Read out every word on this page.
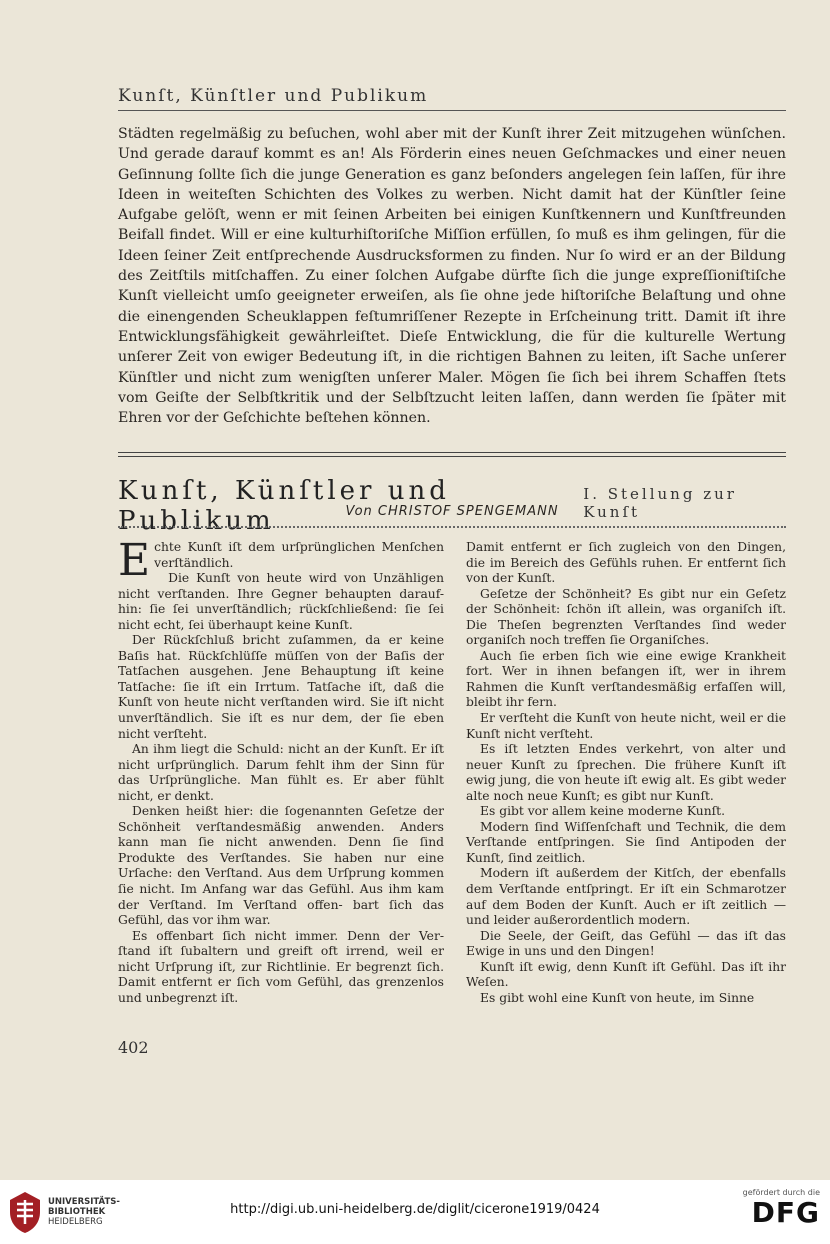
Kunſt, Künſtler und Publikum
Städten regelmäßig zu beſuchen, wohl aber mit der Kunſt ihrer Zeit mitzugehen wünſchen. Und gerade darauf kommt es an! Als Förderin eines neuen Geſchmackes und einer neuen Geſinnung ſollte ſich die junge Generation es ganz beſonders angelegen ſein laſſen, für ihre Ideen in weiteſten Schichten des Volkes zu werben. Nicht damit hat der Künſtler ſeine Aufgabe gelöſt, wenn er mit ſeinen Arbeiten bei einigen Kunſtkennern und Kunſtfreunden Beifall findet. Will er eine kulturhiſtoriſche Miſſion erfüllen, ſo muß es ihm gelingen, für die Ideen ſeiner Zeit entſprechende Ausdrucksformen zu finden. Nur ſo wird er an der Bildung des Zeitſtils mitſchaffen. Zu einer ſolchen Aufgabe dürfte ſich die junge expreſſioniſtiſche Kunſt vielleicht umſo geeigneter erweiſen, als ſie ohne jede hiſtoriſche Belaſtung und ohne die einengenden Scheuklappen feſtumriſſener Rezepte in Erſcheinung tritt. Damit iſt ihre Entwicklungsfähigkeit gewährleiſtet. Dieſe Entwicklung, die für die kulturelle Wertung unſerer Zeit von ewiger Bedeutung iſt, in die richtigen Bahnen zu leiten, iſt Sache unſerer Künſtler und nicht zum wenigſten unſerer Maler. Mögen ſie ſich bei ihrem Schaffen ſtets vom Geiſte der Selbſtkritik und der Selbſtzucht leiten laſſen, dann werden ſie ſpäter mit Ehren vor der Geſchichte beſtehen können.
Kunſt, Künſtler und Publikum
I. Stellung zur Kunſt
Von CHRISTOF SPENGEMANN

Echte Kunſt iſt dem urſprünglichen Menſchen verſtändlich.

Die Kunſt von heute wird von Unzähligen nicht verſtanden. Ihre Gegner behaupten darauf- hin: ſie ſei unverſtändlich; rückſchließend: ſie ſei nicht echt, ſei überhaupt keine Kunſt.

Der Rückſchluß bricht zuſammen, da er keine Baſis hat. Rückſchlüſſe müſſen von der Baſis der Tatſachen ausgehen. Jene Behauptung iſt keine Tatſache: ſie iſt ein Irrtum. Tatſache iſt, daß die Kunſt von heute nicht verſtanden wird. Sie iſt nicht unverſtändlich. Sie iſt es nur dem, der ſie eben nicht verſteht.

An ihm liegt die Schuld: nicht an der Kunſt. Er iſt nicht urſprünglich. Darum fehlt ihm der Sinn für das Urſprüngliche. Man fühlt es. Er aber fühlt nicht, er denkt.

Denken heißt hier: die ſogenannten Geſetze der Schönheit verſtandesmäßig anwenden. Anders kann man ſie nicht anwenden. Denn ſie ſind Produkte des Verſtandes. Sie haben nur eine Urſache: den Verſtand. Aus dem Urſprung kommen ſie nicht. Im Anfang war das Gefühl. Aus ihm kam der Verſtand. Im Verſtand offen- bart ſich das Gefühl, das vor ihm war.

Es offenbart ſich nicht immer. Denn der Ver- ſtand iſt ſubaltern und greift oft irrend, weil er nicht Urſprung iſt, zur Richtlinie. Er begrenzt ſich. Damit entfernt er ſich vom Gefühl, das grenzenlos und unbegrenzt iſt.

Damit entfernt er ſich zugleich von den Dingen, die im Bereich des Gefühls ruhen. Er entfernt ſich von der Kunſt.

Geſetze der Schönheit? Es gibt nur ein Geſetz der Schönheit: ſchön iſt allein, was organiſch iſt. Die Theſen begrenzten Verſtandes ſind weder organiſch noch treffen ſie Organiſches.

Auch ſie erben ſich wie eine ewige Krankheit fort. Wer in ihnen befangen iſt, wer in ihrem Rahmen die Kunſt verſtandesmäßig erfaſſen will, bleibt ihr fern.

Er verſteht die Kunſt von heute nicht, weil er die Kunſt nicht verſteht.

Es iſt letzten Endes verkehrt, von alter und neuer Kunſt zu ſprechen. Die frühere Kunſt iſt ewig jung, die von heute iſt ewig alt. Es gibt weder alte noch neue Kunſt; es gibt nur Kunſt.

Es gibt vor allem keine moderne Kunſt.

Modern ſind Wiſſenſchaft und Technik, die dem Verſtande entſpringen. Sie ſind Antipoden der Kunſt, ſind zeitlich.

Modern iſt außerdem der Kitſch, der ebenfalls dem Verſtande entſpringt. Er iſt ein Schmarotzer auf dem Boden der Kunſt. Auch er iſt zeitlich — und leider außerordentlich modern.

Die Seele, der Geiſt, das Gefühl — das iſt das Ewige in uns und den Dingen!

Kunſt iſt ewig, denn Kunſt iſt Gefühl. Das iſt ihr Weſen.

Es gibt wohl eine Kunſt von heute, im Sinne

402
UNIVERSITÄTS-
BIBLIOTHEK
HEIDELBERG
http://digi.ub.uni-heidelberg.de/diglit/cicerone1919/0424
gefördert durch die
DFG
